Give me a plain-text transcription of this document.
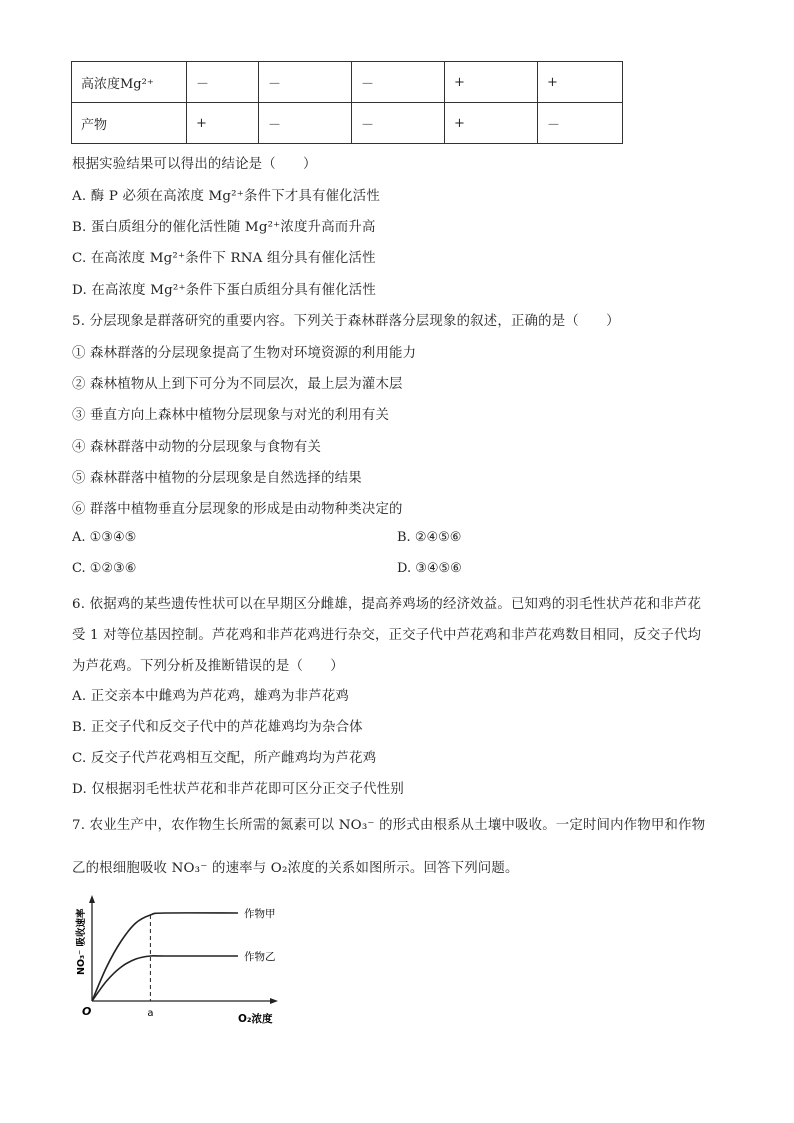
高浓度Mg²⁺	－	－	－	+	+
产物	+	－	－	+	－
根据实验结果可以得出的结论是（　　）
A. 酶 P 必须在高浓度 Mg²⁺条件下才具有催化活性
B. 蛋白质组分的催化活性随 Mg²⁺浓度升高而升高
C. 在高浓度 Mg²⁺条件下 RNA 组分具有催化活性
D. 在高浓度 Mg²⁺条件下蛋白质组分具有催化活性
5. 分层现象是群落研究的重要内容。下列关于森林群落分层现象的叙述，正确的是（　　）
① 森林群落的分层现象提高了生物对环境资源的利用能力
② 森林植物从上到下可分为不同层次，最上层为灌木层
③ 垂直方向上森林中植物分层现象与对光的利用有关
④ 森林群落中动物的分层现象与食物有关
⑤ 森林群落中植物的分层现象是自然选择的结果
⑥ 群落中植物垂直分层现象的形成是由动物种类决定的
A. ①③④⑤	B. ②④⑤⑥
C. ①②③⑥	D. ③④⑤⑥
6. 依据鸡的某些遗传性状可以在早期区分雌雄，提高养鸡场的经济效益。已知鸡的羽毛性状芦花和非芦花
受 1 对等位基因控制。芦花鸡和非芦花鸡进行杂交，正交子代中芦花鸡和非芦花鸡数目相同，反交子代均
为芦花鸡。下列分析及推断错误的是（　　）
A. 正交亲本中雌鸡为芦花鸡，雄鸡为非芦花鸡
B. 正交子代和反交子代中的芦花雄鸡均为杂合体
C. 反交子代芦花鸡相互交配，所产雌鸡均为芦花鸡
D. 仅根据羽毛性状芦花和非芦花即可区分正交子代性别
7. 农业生产中，农作物生长所需的氮素可以 NO₃⁻ 的形式由根系从土壤中吸收。一定时间内作物甲和作物
乙的根细胞吸收 NO₃⁻ 的速率与 O₂浓度的关系如图所示。回答下列问题。
O	a	O₂浓度
NO₃⁻ 吸收速率	作物甲
作物乙
